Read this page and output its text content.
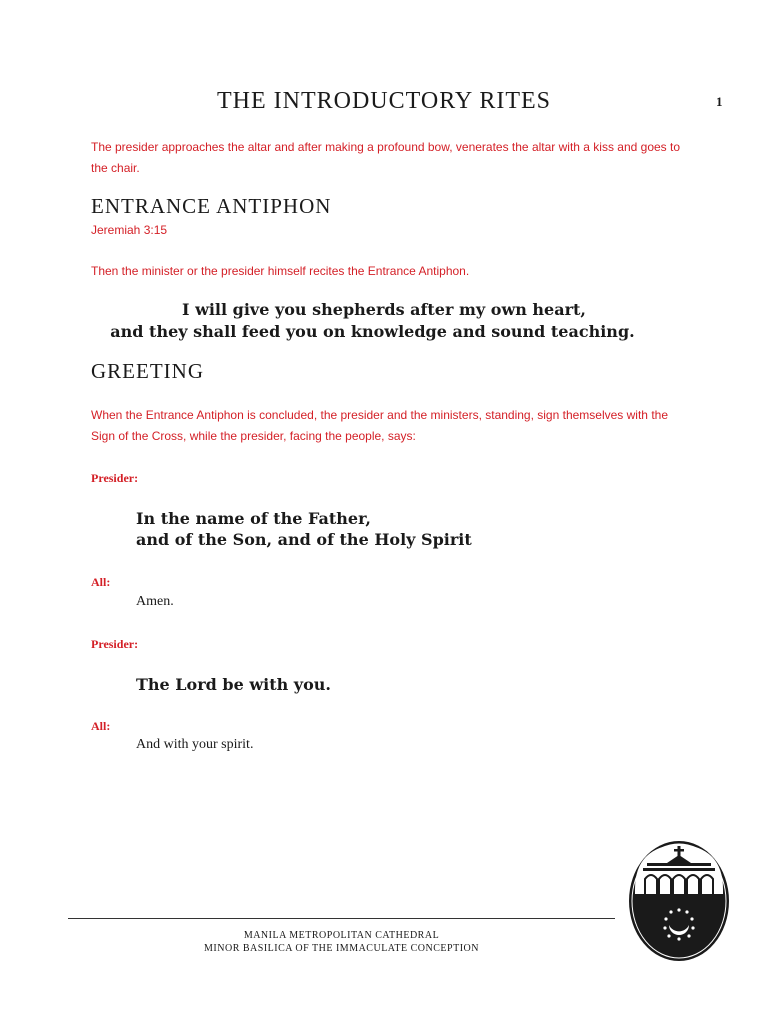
THE INTRODUCTORY RITES	1
The presider approaches the altar and after making a profound bow, venerates the altar with a kiss and goes to the chair.
ENTRANCE ANTIPHON
Jeremiah 3:15
Then the minister or the presider himself recites the Entrance Antiphon.
I will give you shepherds after my own heart,
and they shall feed you on knowledge and sound teaching.
GREETING
When the Entrance Antiphon is concluded, the presider and the ministers, standing, sign themselves with the Sign of the Cross, while the presider, facing the people, says:
Presider:
In the name of the Father,
and of the Son, and of the Holy Spirit
All:
Amen.
Presider:
The Lord be with you.
All:
And with your spirit.
MANILA METROPOLITAN CATHEDRAL
MINOR BASILICA OF THE IMMACULATE CONCEPTION
